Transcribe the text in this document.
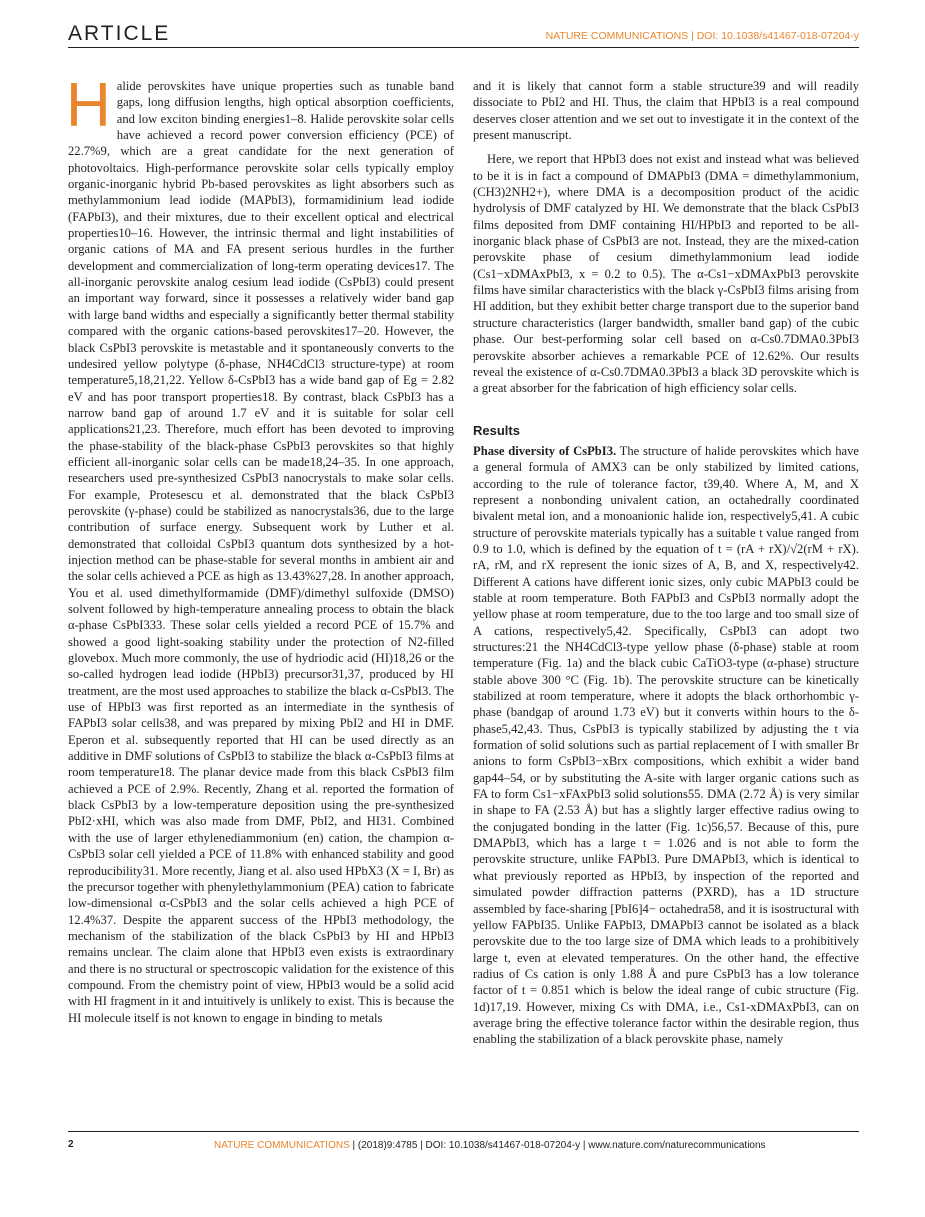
ARTICLE	NATURE COMMUNICATIONS | DOI: 10.1038/s41467-018-07204-y

Halide perovskites have unique properties such as tunable band gaps, long diffusion lengths, high optical absorption coefficients, and low exciton binding energies1–8. Halide perovskite solar cells have achieved a record power conversion efficiency (PCE) of 22.7%9, which are a great candidate for the next generation of photovoltaics. High-performance perovskite solar cells typically employ organic-inorganic hybrid Pb-based perovskites as light absorbers such as methylammonium lead iodide (MAPbI3), formamidinium lead iodide (FAPbI3), and their mixtures, due to their excellent optical and electrical properties10–16. However, the intrinsic thermal and light instabilities of organic cations of MA and FA present serious hurdles in the further development and commercialization of long-term operating devices17. The all-inorganic perovskite analog cesium lead iodide (CsPbI3) could present an important way forward, since it possesses a relatively wider band gap with large band widths and especially a significantly better thermal stability compared with the organic cations-based perovskites17–20. However, the black CsPbI3 perovskite is metastable and it spontaneously converts to the undesired yellow polytype (δ-phase, NH4CdCl3 structure-type) at room temperature5,18,21,22. Yellow δ-CsPbI3 has a wide band gap of Eg = 2.82 eV and has poor transport properties18. By contrast, black CsPbI3 has a narrow band gap of around 1.7 eV and it is suitable for solar cell applications21,23. Therefore, much effort has been devoted to improving the phase-stability of the black-phase CsPbI3 perovskites so that highly efficient all-inorganic solar cells can be made18,24–35. In one approach, researchers used pre-synthesized CsPbI3 nanocrystals to make solar cells. For example, Protesescu et al. demonstrated that the black CsPbI3 perovskite (γ-phase) could be stabilized as nanocrystals36, due to the large contribution of surface energy. Subsequent work by Luther et al. demonstrated that colloidal CsPbI3 quantum dots synthesized by a hot-injection method can be phase-stable for several months in ambient air and the solar cells achieved a PCE as high as 13.43%27,28. In another approach, You et al. used dimethylformamide (DMF)/dimethyl sulfoxide (DMSO) solvent followed by high-temperature annealing process to obtain the black α-phase CsPbI333. These solar cells yielded a record PCE of 15.7% and showed a good light-soaking stability under the protection of N2-filled glovebox. Much more commonly, the use of hydriodic acid (HI)18,26 or the so-called hydrogen lead iodide (HPbI3) precursor31,37, produced by HI treatment, are the most used approaches to stabilize the black α-CsPbI3. The use of HPbI3 was first reported as an intermediate in the synthesis of FAPbI3 solar cells38, and was prepared by mixing PbI2 and HI in DMF. Eperon et al. subsequently reported that HI can be used directly as an additive in DMF solutions of CsPbI3 to stabilize the black α-CsPbI3 films at room temperature18. The planar device made from this black CsPbI3 film achieved a PCE of 2.9%. Recently, Zhang et al. reported the formation of black CsPbI3 by a low-temperature deposition using the pre-synthesized PbI2·xHI, which was also made from DMF, PbI2, and HI31. Combined with the use of larger ethylenediammonium (en) cation, the champion α-CsPbI3 solar cell yielded a PCE of 11.8% with enhanced stability and good reproducibility31. More recently, Jiang et al. also used HPbX3 (X = I, Br) as the precursor together with phenylethylammonium (PEA) cation to fabricate low-dimensional α-CsPbI3 and the solar cells achieved a high PCE of 12.4%37. Despite the apparent success of the HPbI3 methodology, the mechanism of the stabilization of the black CsPbI3 by HI and HPbI3 remains unclear. The claim alone that HPbI3 even exists is extraordinary and there is no structural or spectroscopic validation for the existence of this compound. From the chemistry point of view, HPbI3 would be a solid acid with HI fragment in it and intuitively is unlikely to exist. This is because the HI molecule itself is not known to engage in binding to metals

and it is likely that cannot form a stable structure39 and will readily dissociate to PbI2 and HI. Thus, the claim that HPbI3 is a real compound deserves closer attention and we set out to investigate it in the context of the present manuscript.

Here, we report that HPbI3 does not exist and instead what was believed to be it is in fact a compound of DMAPbI3 (DMA = dimethylammonium, (CH3)2NH2+), where DMA is a decomposition product of the acidic hydrolysis of DMF catalyzed by HI. We demonstrate that the black CsPbI3 films deposited from DMF containing HI/HPbI3 and reported to be all-inorganic black phase of CsPbI3 are not. Instead, they are the mixed-cation perovskite phase of cesium dimethylammonium lead iodide (Cs1−xDMAxPbI3, x = 0.2 to 0.5). The α-Cs1−xDMAxPbI3 perovskite films have similar characteristics with the black γ-CsPbI3 films arising from HI addition, but they exhibit better charge transport due to the superior band structure characteristics (larger bandwidth, smaller band gap) of the cubic phase. Our best-performing solar cell based on α-Cs0.7DMA0.3PbI3 perovskite absorber achieves a remarkable PCE of 12.62%. Our results reveal the existence of α-Cs0.7DMA0.3PbI3 a black 3D perovskite which is a great absorber for the fabrication of high efficiency solar cells.

Results

Phase diversity of CsPbI3. The structure of halide perovskites which have a general formula of AMX3 can be only stabilized by limited cations, according to the rule of tolerance factor, t39,40. Where A, M, and X represent a nonbonding univalent cation, an octahedrally coordinated bivalent metal ion, and a monoanionic halide ion, respectively5,41. A cubic structure of perovskite materials typically has a suitable t value ranged from 0.9 to 1.0, which is defined by the equation of t = (rA + rX)/√2(rM + rX). rA, rM, and rX represent the ionic sizes of A, B, and X, respectively42. Different A cations have different ionic sizes, only cubic MAPbI3 could be stable at room temperature. Both FAPbI3 and CsPbI3 normally adopt the yellow phase at room temperature, due to the too large and too small size of A cations, respectively5,42. Specifically, CsPbI3 can adopt two structures:21 the NH4CdCl3-type yellow phase (δ-phase) stable at room temperature (Fig. 1a) and the black cubic CaTiO3-type (α-phase) structure stable above 300 °C (Fig. 1b). The perovskite structure can be kinetically stabilized at room temperature, where it adopts the black orthorhombic γ-phase (bandgap of around 1.73 eV) but it converts within hours to the δ-phase5,42,43. Thus, CsPbI3 is typically stabilized by adjusting the t via formation of solid solutions such as partial replacement of I with smaller Br anions to form CsPbI3−xBrx compositions, which exhibit a wider band gap44–54, or by substituting the A-site with larger organic cations such as FA to form Cs1−xFAxPbI3 solid solutions55. DMA (2.72 Å) is very similar in shape to FA (2.53 Å) but has a slightly larger effective radius owing to the conjugated bonding in the latter (Fig. 1c)56,57. Because of this, pure DMAPbI3, which has a large t = 1.026 and is not able to form the perovskite structure, unlike FAPbI3. Pure DMAPbI3, which is identical to what previously reported as HPbI3, by inspection of the reported and simulated powder diffraction patterns (PXRD), has a 1D structure assembled by face-sharing [PbI6]4− octahedra58, and it is isostructural with yellow FAPbI35. Unlike FAPbI3, DMAPbI3 cannot be isolated as a black perovskite due to the too large size of DMA which leads to a prohibitively large t, even at elevated temperatures. On the other hand, the effective radius of Cs cation is only 1.88 Å and pure CsPbI3 has a low tolerance factor of t = 0.851 which is below the ideal range of cubic structure (Fig. 1d)17,19. However, mixing Cs with DMA, i.e., Cs1-xDMAxPbI3, can on average bring the effective tolerance factor within the desirable region, thus enabling the stabilization of a black perovskite phase, namely

2	NATURE COMMUNICATIONS | (2018)9:4785 | DOI: 10.1038/s41467-018-07204-y | www.nature.com/naturecommunications
